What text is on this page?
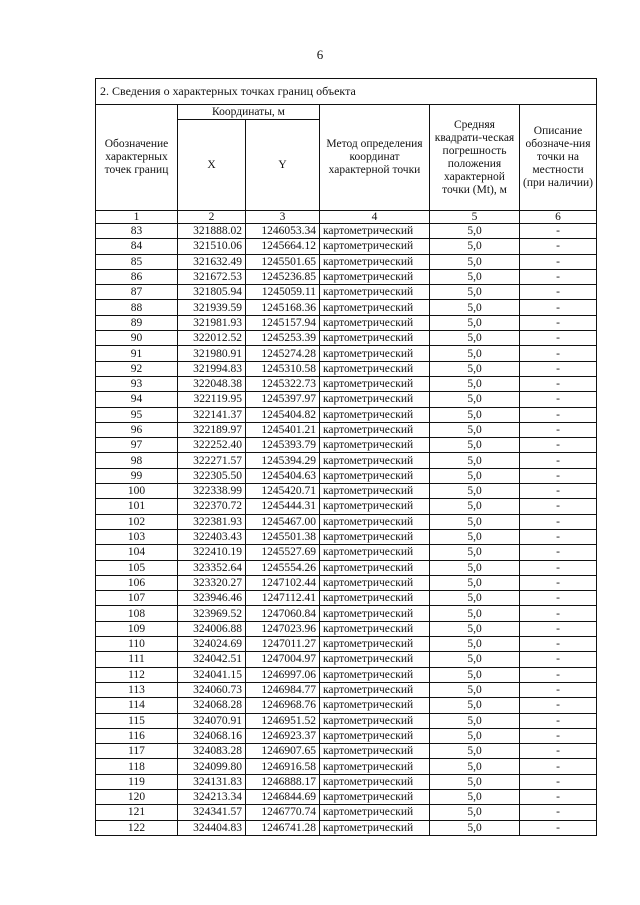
6
2. Сведения о характерных точках границ объекта					
Обозначение характерных точек границ	Координаты, м		Метод определения координат характерной точки	Средняя квадрати-ческая погрешность положения характерной точки (Mt), м	Описание обозначе-ния точки на местности (при наличии)
	X	Y			
1	2	3	4	5	6
83	321888.02	1246053.34	картометрический	5,0	-
84	321510.06	1245664.12	картометрический	5,0	-
85	321632.49	1245501.65	картометрический	5,0	-
86	321672.53	1245236.85	картометрический	5,0	-
87	321805.94	1245059.11	картометрический	5,0	-
88	321939.59	1245168.36	картометрический	5,0	-
89	321981.93	1245157.94	картометрический	5,0	-
90	322012.52	1245253.39	картометрический	5,0	-
91	321980.91	1245274.28	картометрический	5,0	-
92	321994.83	1245310.58	картометрический	5,0	-
93	322048.38	1245322.73	картометрический	5,0	-
94	322119.95	1245397.97	картометрический	5,0	-
95	322141.37	1245404.82	картометрический	5,0	-
96	322189.97	1245401.21	картометрический	5,0	-
97	322252.40	1245393.79	картометрический	5,0	-
98	322271.57	1245394.29	картометрический	5,0	-
99	322305.50	1245404.63	картометрический	5,0	-
100	322338.99	1245420.71	картометрический	5,0	-
101	322370.72	1245444.31	картометрический	5,0	-
102	322381.93	1245467.00	картометрический	5,0	-
103	322403.43	1245501.38	картометрический	5,0	-
104	322410.19	1245527.69	картометрический	5,0	-
105	323352.64	1245554.26	картометрический	5,0	-
106	323320.27	1247102.44	картометрический	5,0	-
107	323946.46	1247112.41	картометрический	5,0	-
108	323969.52	1247060.84	картометрический	5,0	-
109	324006.88	1247023.96	картометрический	5,0	-
110	324024.69	1247011.27	картометрический	5,0	-
111	324042.51	1247004.97	картометрический	5,0	-
112	324041.15	1246997.06	картометрический	5,0	-
113	324060.73	1246984.77	картометрический	5,0	-
114	324068.28	1246968.76	картометрический	5,0	-
115	324070.91	1246951.52	картометрический	5,0	-
116	324068.16	1246923.37	картометрический	5,0	-
117	324083.28	1246907.65	картометрический	5,0	-
118	324099.80	1246916.58	картометрический	5,0	-
119	324131.83	1246888.17	картометрический	5,0	-
120	324213.34	1246844.69	картометрический	5,0	-
121	324341.57	1246770.74	картометрический	5,0	-
122	324404.83	1246741.28	картометрический	5,0	-
